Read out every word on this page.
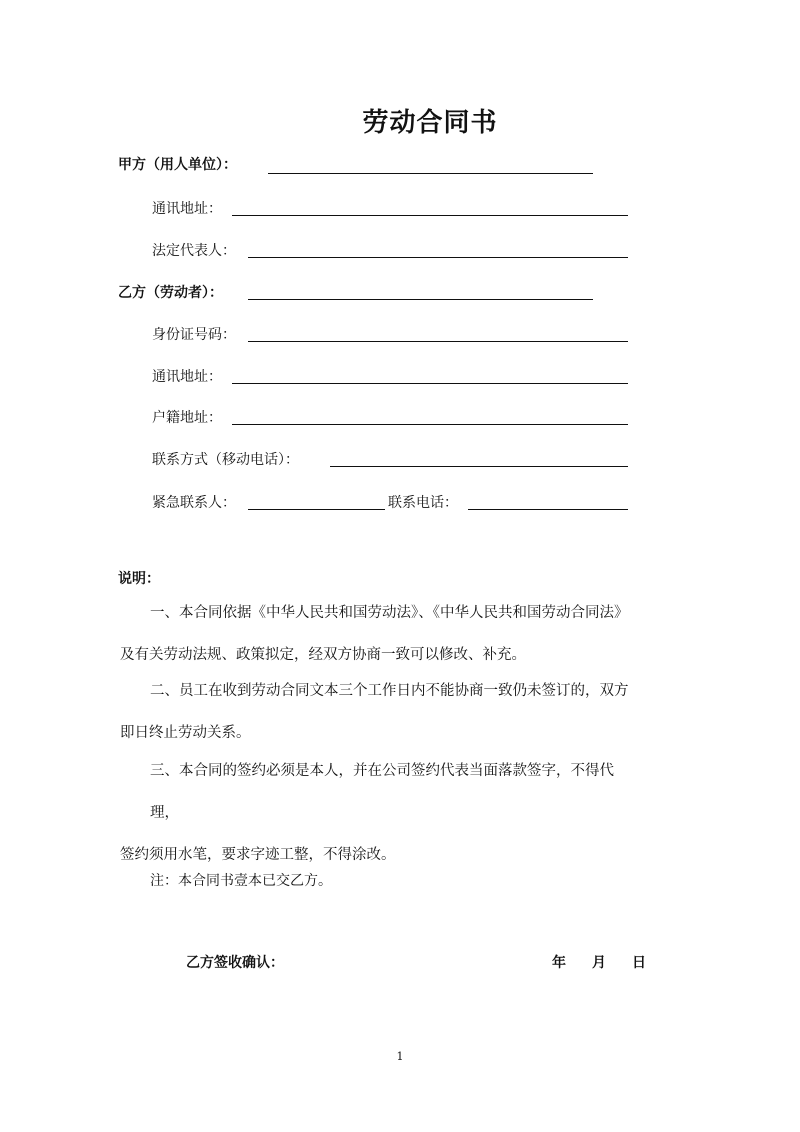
劳动合同书
甲方（用人单位）：
通讯地址：
法定代表人：
乙方（劳动者）：
身份证号码：
通讯地址：
户籍地址：
联系方式（移动电话）：
紧急联系人：	联系电话：
说明：
一、本合同依据《中华人民共和国劳动法》、《中华人民共和国劳动合同法》
及有关劳动法规、政策拟定，经双方协商一致可以修改、补充。
二、员工在收到劳动合同文本三个工作日内不能协商一致仍未签订的，双方
即日终止劳动关系。
三、本合同的签约必须是本人，并在公司签约代表当面落款签字，不得代理，
签约须用水笔，要求字迹工整，不得涂改。
注：本合同书壹本已交乙方。
乙方签收确认：	年 月 日
1
